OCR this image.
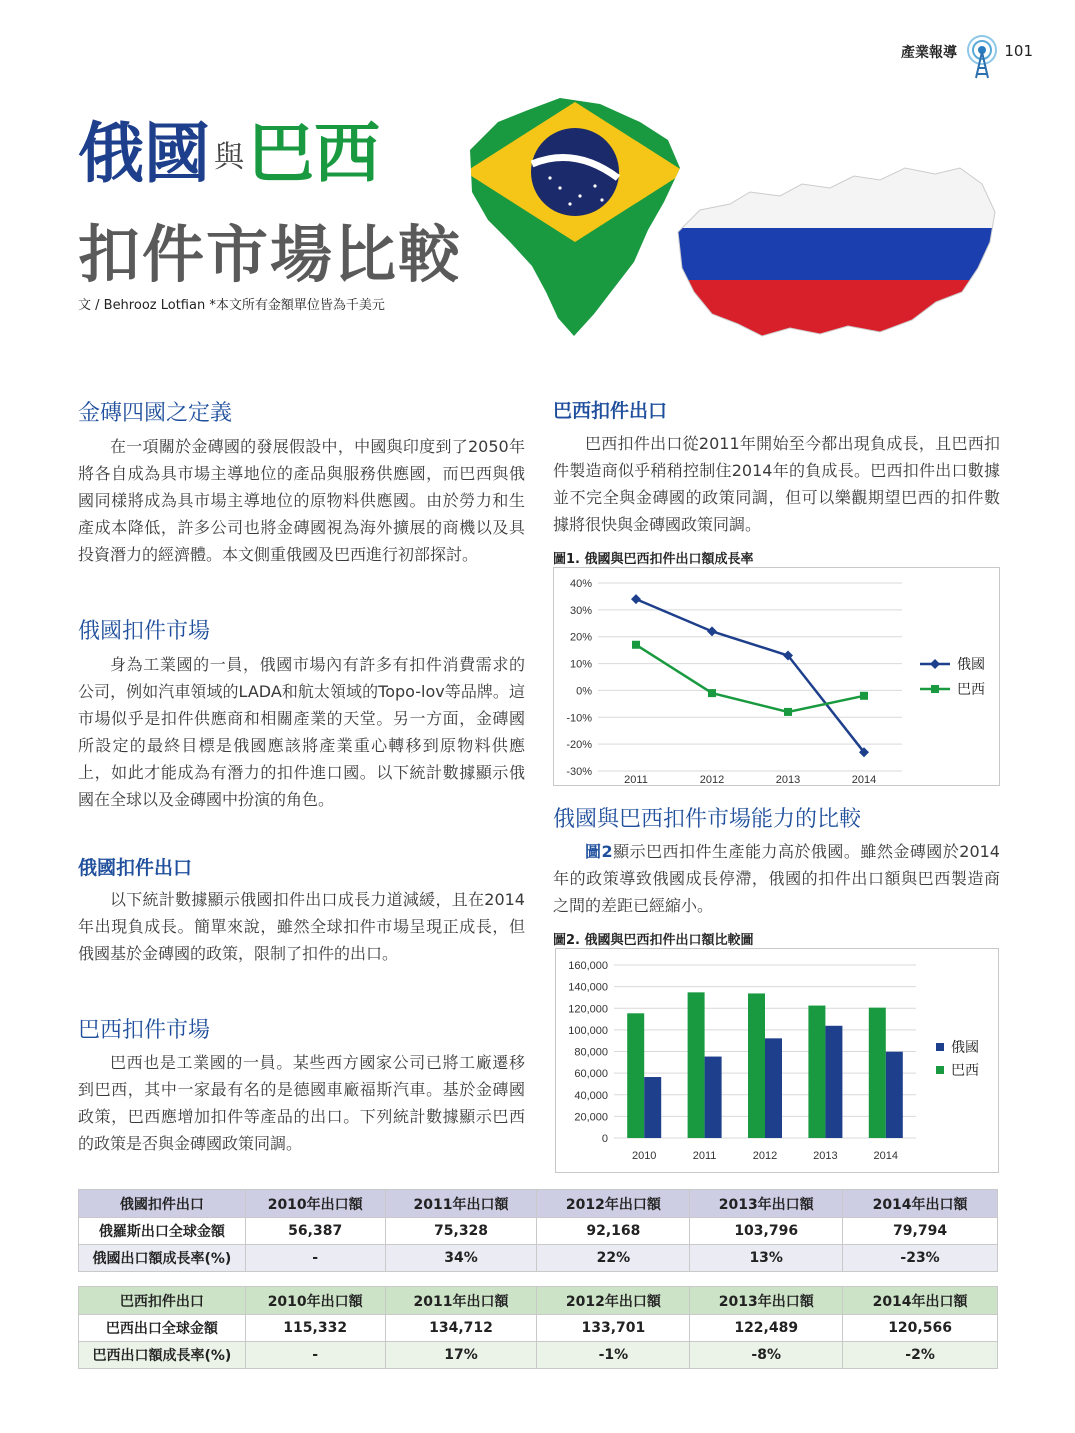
產業報導	101
俄國 與巴西
扣件市場比較
文 / Behrooz Lotfian *本文所有金額單位皆為千美元
金磚四國之定義

在一項關於金磚國的發展假設中，中國與印度到了2050年將各自成為具市場主導地位的產品與服務供應國，而巴西與俄國同樣將成為具市場主導地位的原物料供應國。由於勞力和生產成本降低，許多公司也將金磚國視為海外擴展的商機以及具投資潛力的經濟體。本文側重俄國及巴西進行初部探討。

俄國扣件市場

身為工業國的一員，俄國市場內有許多有扣件消費需求的公司，例如汽車領域的LADA和航太領域的Topo-lov等品牌。這市場似乎是扣件供應商和相關產業的天堂。另一方面，金磚國所設定的最終目標是俄國應該將產業重心轉移到原物料供應上，如此才能成為有潛力的扣件進口國。以下統計數據顯示俄國在全球以及金磚國中扮演的角色。

俄國扣件出口

以下統計數據顯示俄國扣件出口成長力道減緩，且在2014年出現負成長。簡單來說，雖然全球扣件市場呈現正成長，但俄國基於金磚國的政策，限制了扣件的出口。

巴西扣件市場

巴西也是工業國的一員。某些西方國家公司已將工廠遷移到巴西，其中一家最有名的是德國車廠福斯汽車。基於金磚國政策，巴西應增加扣件等產品的出口。下列統計數據顯示巴西的政策是否與金磚國政策同調。

巴西扣件出口

巴西扣件出口從2011年開始至今都出現負成長，且巴西扣件製造商似乎稍稍控制住2014年的負成長。巴西扣件出口數據並不完全與金磚國的政策同調，但可以樂觀期望巴西的扣件數據將很快與金磚國政策同調。

圖1. 俄國與巴西扣件出口額成長率
40%
30%
20%
10%
0%
-10%
-20%
-30%
2011	2012	2013	2014
俄國
巴西
俄國與巴西扣件市場能力的比較

圖2顯示巴西扣件生產能力高於俄國。雖然金磚國於2014年的政策導致俄國成長停滯，俄國的扣件出口額與巴西製造商之間的差距已經縮小。

圖2. 俄國與巴西扣件出口額比較圖
160,000
140,000
120,000
100,000
80,000
60,000
40,000
20,000
0
2010	2011	2012	2013	2014
俄國
巴西
俄國扣件出口	2010年出口額	2011年出口額	2012年出口額	2013年出口額	2014年出口額
俄羅斯出口全球金額	56,387	75,328	92,168	103,796	79,794
俄國出口額成長率(%)	-	34%	22%	13%	-23%
巴西扣件出口	2010年出口額	2011年出口額	2012年出口額	2013年出口額	2014年出口額
巴西出口全球金額	115,332	134,712	133,701	122,489	120,566
巴西出口額成長率(%)	-	17%	-1%	-8%	-2%
